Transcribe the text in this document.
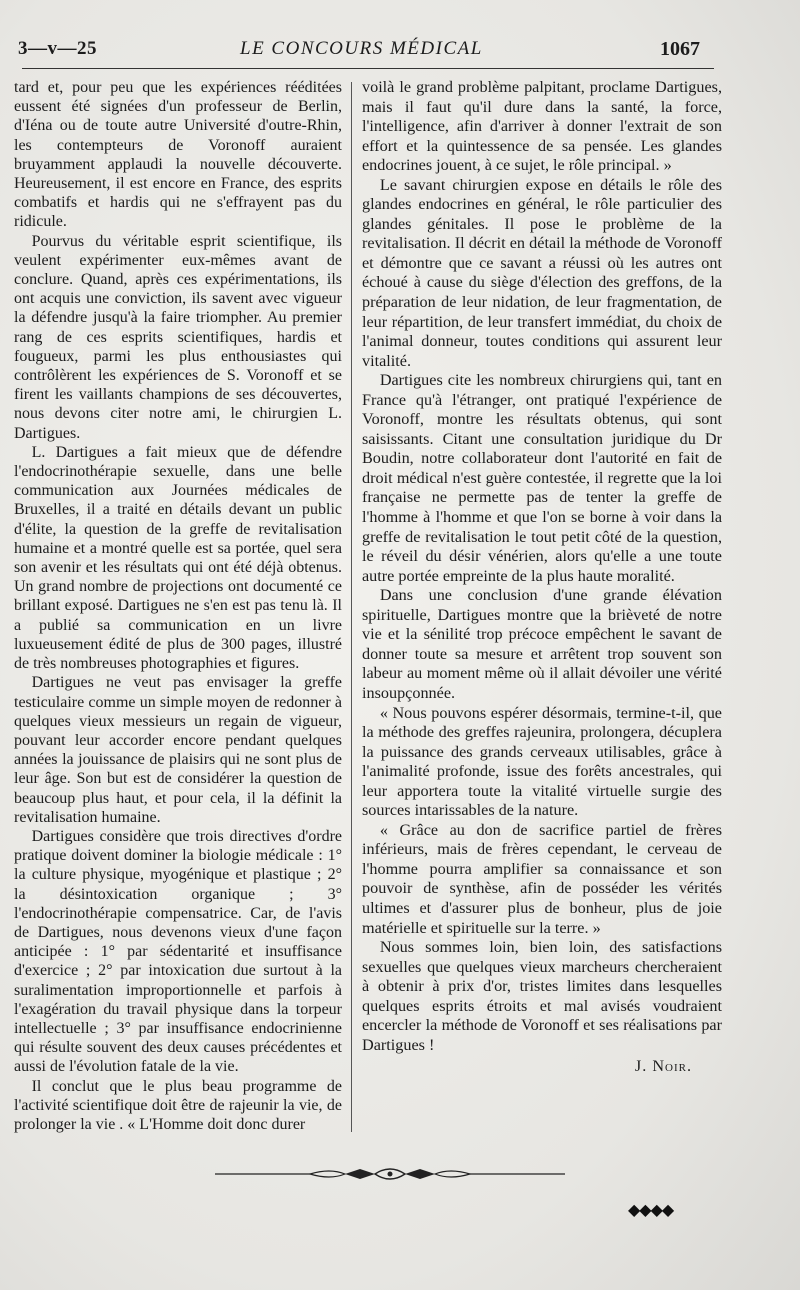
3—v—25	LE CONCOURS MÉDICAL	1067

tard et, pour peu que les expériences rééditées eussent été signées d'un professeur de Berlin, d'Iéna ou de toute autre Université d'outre-Rhin, les contempteurs de Voronoff auraient bruyamment applaudi la nouvelle découverte. Heureusement, il est encore en France, des esprits combatifs et hardis qui ne s'effrayent pas du ridicule.

Pourvus du véritable esprit scientifique, ils veulent expérimenter eux-mêmes avant de conclure. Quand, après ces expérimentations, ils ont acquis une conviction, ils savent avec vigueur la défendre jusqu'à la faire triompher. Au premier rang de ces esprits scientifiques, hardis et fougueux, parmi les plus enthousiastes qui contrôlèrent les expériences de S. Voronoff et se firent les vaillants champions de ses découvertes, nous devons citer notre ami, le chirurgien L. Dartigues.

L. Dartigues a fait mieux que de défendre l'endocrinothérapie sexuelle, dans une belle communication aux Journées médicales de Bruxelles, il a traité en détails devant un public d'élite, la question de la greffe de revitalisation humaine et a montré quelle est sa portée, quel sera son avenir et les résultats qui ont été déjà obtenus. Un grand nombre de projections ont documenté ce brillant exposé. Dartigues ne s'en est pas tenu là. Il a publié sa communication en un livre luxueusement édité de plus de 300 pages, illustré de très nombreuses photographies et figures.

Dartigues ne veut pas envisager la greffe testiculaire comme un simple moyen de redonner à quelques vieux messieurs un regain de vigueur, pouvant leur accorder encore pendant quelques années la jouissance de plaisirs qui ne sont plus de leur âge. Son but est de considérer la question de beaucoup plus haut, et pour cela, il la définit la revitalisation humaine.

Dartigues considère que trois directives d'ordre pratique doivent dominer la biologie médicale : 1° la culture physique, myogénique et plastique ; 2° la désintoxication organique ; 3° l'endocrinothérapie compensatrice. Car, de l'avis de Dartigues, nous devenons vieux d'une façon anticipée : 1° par sédentarité et insuffisance d'exercice ; 2° par intoxication due surtout à la suralimentation improportionnelle et parfois à l'exagération du travail physique dans la torpeur intellectuelle ; 3° par insuffisance endocrinienne qui résulte souvent des deux causes précédentes et aussi de l'évolution fatale de la vie.

Il conclut que le plus beau programme de l'activité scientifique doit être de rajeunir la vie, de prolonger la vie . « L'Homme doit donc durer

voilà le grand problème palpitant, proclame Dartigues, mais il faut qu'il dure dans la santé, la force, l'intelligence, afin d'arriver à donner l'extrait de son effort et la quintessence de sa pensée. Les glandes endocrines jouent, à ce sujet, le rôle principal. »

Le savant chirurgien expose en détails le rôle des glandes endocrines en général, le rôle particulier des glandes génitales. Il pose le problème de la revitalisation. Il décrit en détail la méthode de Voronoff et démontre que ce savant a réussi où les autres ont échoué à cause du siège d'élection des greffons, de la préparation de leur nidation, de leur fragmentation, de leur répartition, de leur transfert immédiat, du choix de l'animal donneur, toutes conditions qui assurent leur vitalité.

Dartigues cite les nombreux chirurgiens qui, tant en France qu'à l'étranger, ont pratiqué l'expérience de Voronoff, montre les résultats obtenus, qui sont saisissants. Citant une consultation juridique du Dr Boudin, notre collaborateur dont l'autorité en fait de droit médical n'est guère contestée, il regrette que la loi française ne permette pas de tenter la greffe de l'homme à l'homme et que l'on se borne à voir dans la greffe de revitalisation le tout petit côté de la question, le réveil du désir vénérien, alors qu'elle a une toute autre portée empreinte de la plus haute moralité.

Dans une conclusion d'une grande élévation spirituelle, Dartigues montre que la brièveté de notre vie et la sénilité trop précoce empêchent le savant de donner toute sa mesure et arrêtent trop souvent son labeur au moment même où il allait dévoiler une vérité insoupçonnée.

« Nous pouvons espérer désormais, termine-t-il, que la méthode des greffes rajeunira, prolongera, décuplera la puissance des grands cerveaux utilisables, grâce à l'animalité profonde, issue des forêts ancestrales, qui leur apportera toute la vitalité virtuelle surgie des sources intarissables de la nature.

« Grâce au don de sacrifice partiel de frères inférieurs, mais de frères cependant, le cerveau de l'homme pourra amplifier sa connaissance et son pouvoir de synthèse, afin de posséder les vérités ultimes et d'assurer plus de bonheur, plus de joie matérielle et spirituelle sur la terre. »

Nous sommes loin, bien loin, des satisfactions sexuelles que quelques vieux marcheurs chercheraient à obtenir à prix d'or, tristes limites dans lesquelles quelques esprits étroits et mal avisés voudraient encercler la méthode de Voronoff et ses réalisations par Dartigues !

J. Noir.
◆◆◆◆
